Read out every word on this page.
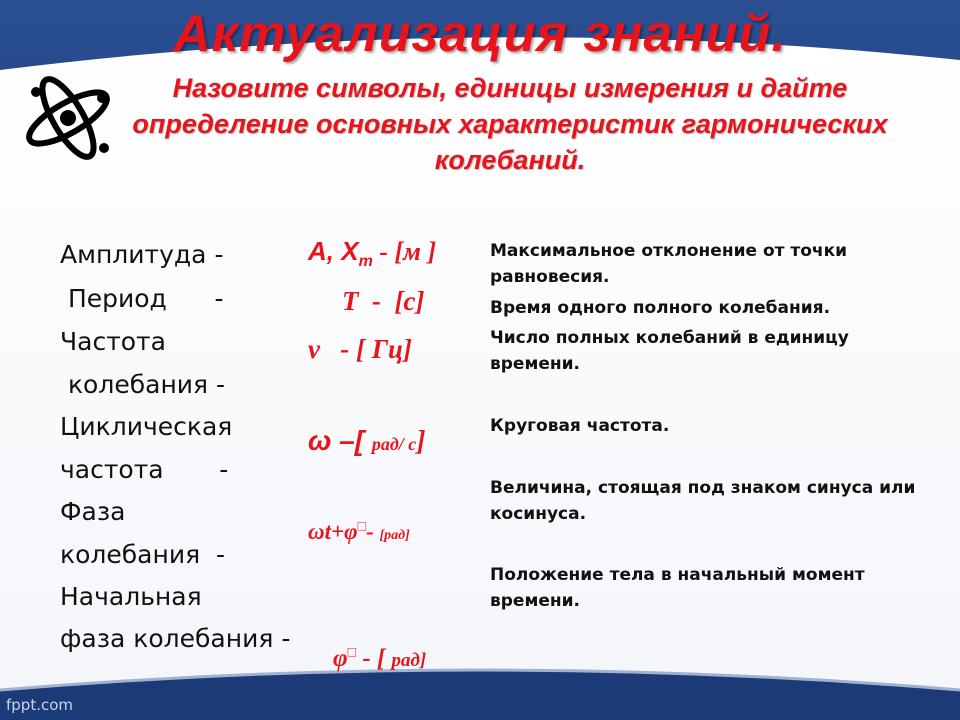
Актуализация знаний.
Назовите символы, единицы измерения и дайте определение основных характеристик гармонических колебаний.
Амплитуда -
Период      -
Частота
колебания -
Циклическая
частота       -
Фаза
колебания  -
Начальная
фаза колебания -
A, $X_m - [м$ ]
T  -  [c]
ν   - [ Гц]
ω –[ рад/ с]
ωt+φ□- [рад]

φ□ - [ рад]

Максимальное отклонение от точки равновесия.
Время одного полного колебания.
Число полных колебаний в единицу времени.
Круговая частота.
Величина, стоящая под знаком синуса или косинуса.
Положение тела в начальный момент времени.
fppt.com
